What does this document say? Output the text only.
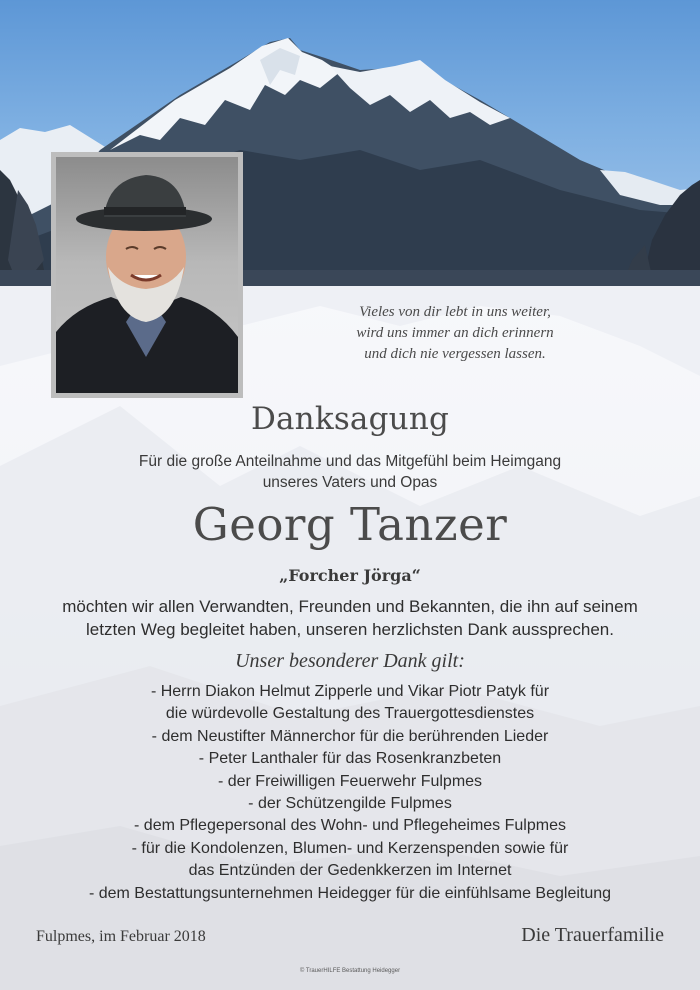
Vieles von dir lebt in uns weiter,
wird uns immer an dich erinnern
und dich nie vergessen lassen.
Danksagung
Für die große Anteilnahme und das Mitgefühl beim Heimgang
unseres Vaters und Opas
Georg Tanzer
„Forcher Jörga“
möchten wir allen Verwandten, Freunden und Bekannten, die ihn auf seinem
letzten Weg begleitet haben, unseren herzlichsten Dank aussprechen.
Unser besonderer Dank gilt:
- Herrn Diakon Helmut Zipperle und Vikar Piotr Patyk für
die würdevolle Gestaltung des Trauergottesdienstes
- dem Neustifter Männerchor für die berührenden Lieder
- Peter Lanthaler für das Rosenkranzbeten
- der Freiwilligen Feuerwehr Fulpmes
- der Schützengilde Fulpmes
- dem Pflegepersonal des Wohn- und Pflegeheimes Fulpmes
- für die Kondolenzen, Blumen- und Kerzenspenden sowie für
das Entzünden der Gedenkkerzen im Internet
- dem Bestattungsunternehmen Heidegger für die einfühlsame Begleitung
Fulpmes, im Februar 2018	Die Trauerfamilie
© TrauerHILFE Bestattung Heidegger
